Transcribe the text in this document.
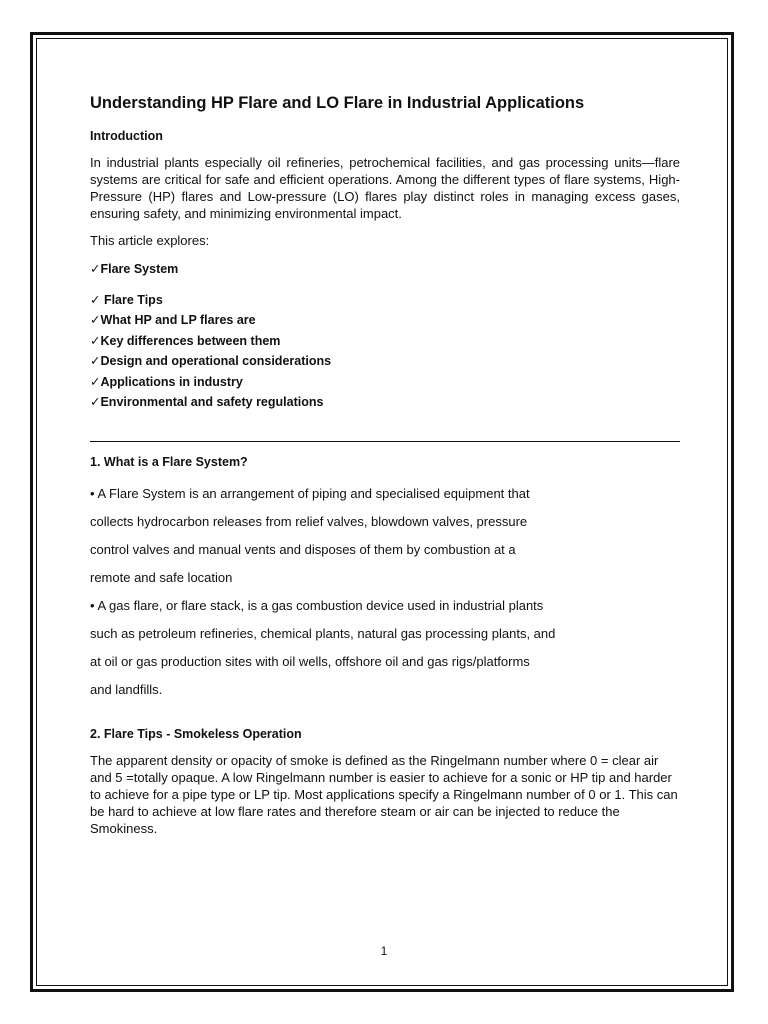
Understanding HP Flare and LO Flare in Industrial Applications
Introduction

In industrial plants especially oil refineries, petrochemical facilities, and gas processing units—flare systems are critical for safe and efficient operations. Among the different types of flare systems, High-Pressure (HP) flares and Low-pressure (LO) flares play distinct roles in managing excess gases, ensuring safety, and minimizing environmental impact.

This article explores:

✓Flare System

✓ Flare Tips

✓What HP and LP flares are

✓Key differences between them

✓Design and operational considerations

✓Applications in industry

✓Environmental and safety regulations

1. What is a Flare System?

• A Flare System is an arrangement of piping and specialised equipment that

collects hydrocarbon releases from relief valves, blowdown valves, pressure

control valves and manual vents and disposes of them by combustion at a

remote and safe location

• A gas flare, or flare stack, is a gas combustion device used in industrial plants

such as petroleum refineries, chemical plants, natural gas processing plants, and

at oil or gas production sites with oil wells, offshore oil and gas rigs/platforms

and landfills.

2. Flare Tips - Smokeless Operation

The apparent density or opacity of smoke is defined as the Ringelmann number where 0 = clear air and 5 =totally opaque. A low Ringelmann number is easier to achieve for a sonic or HP tip and harder to achieve for a pipe type or LP tip. Most applications specify a Ringelmann number of 0 or 1. This can be hard to achieve at low flare rates and therefore steam or air can be injected to reduce the Smokiness.

1
